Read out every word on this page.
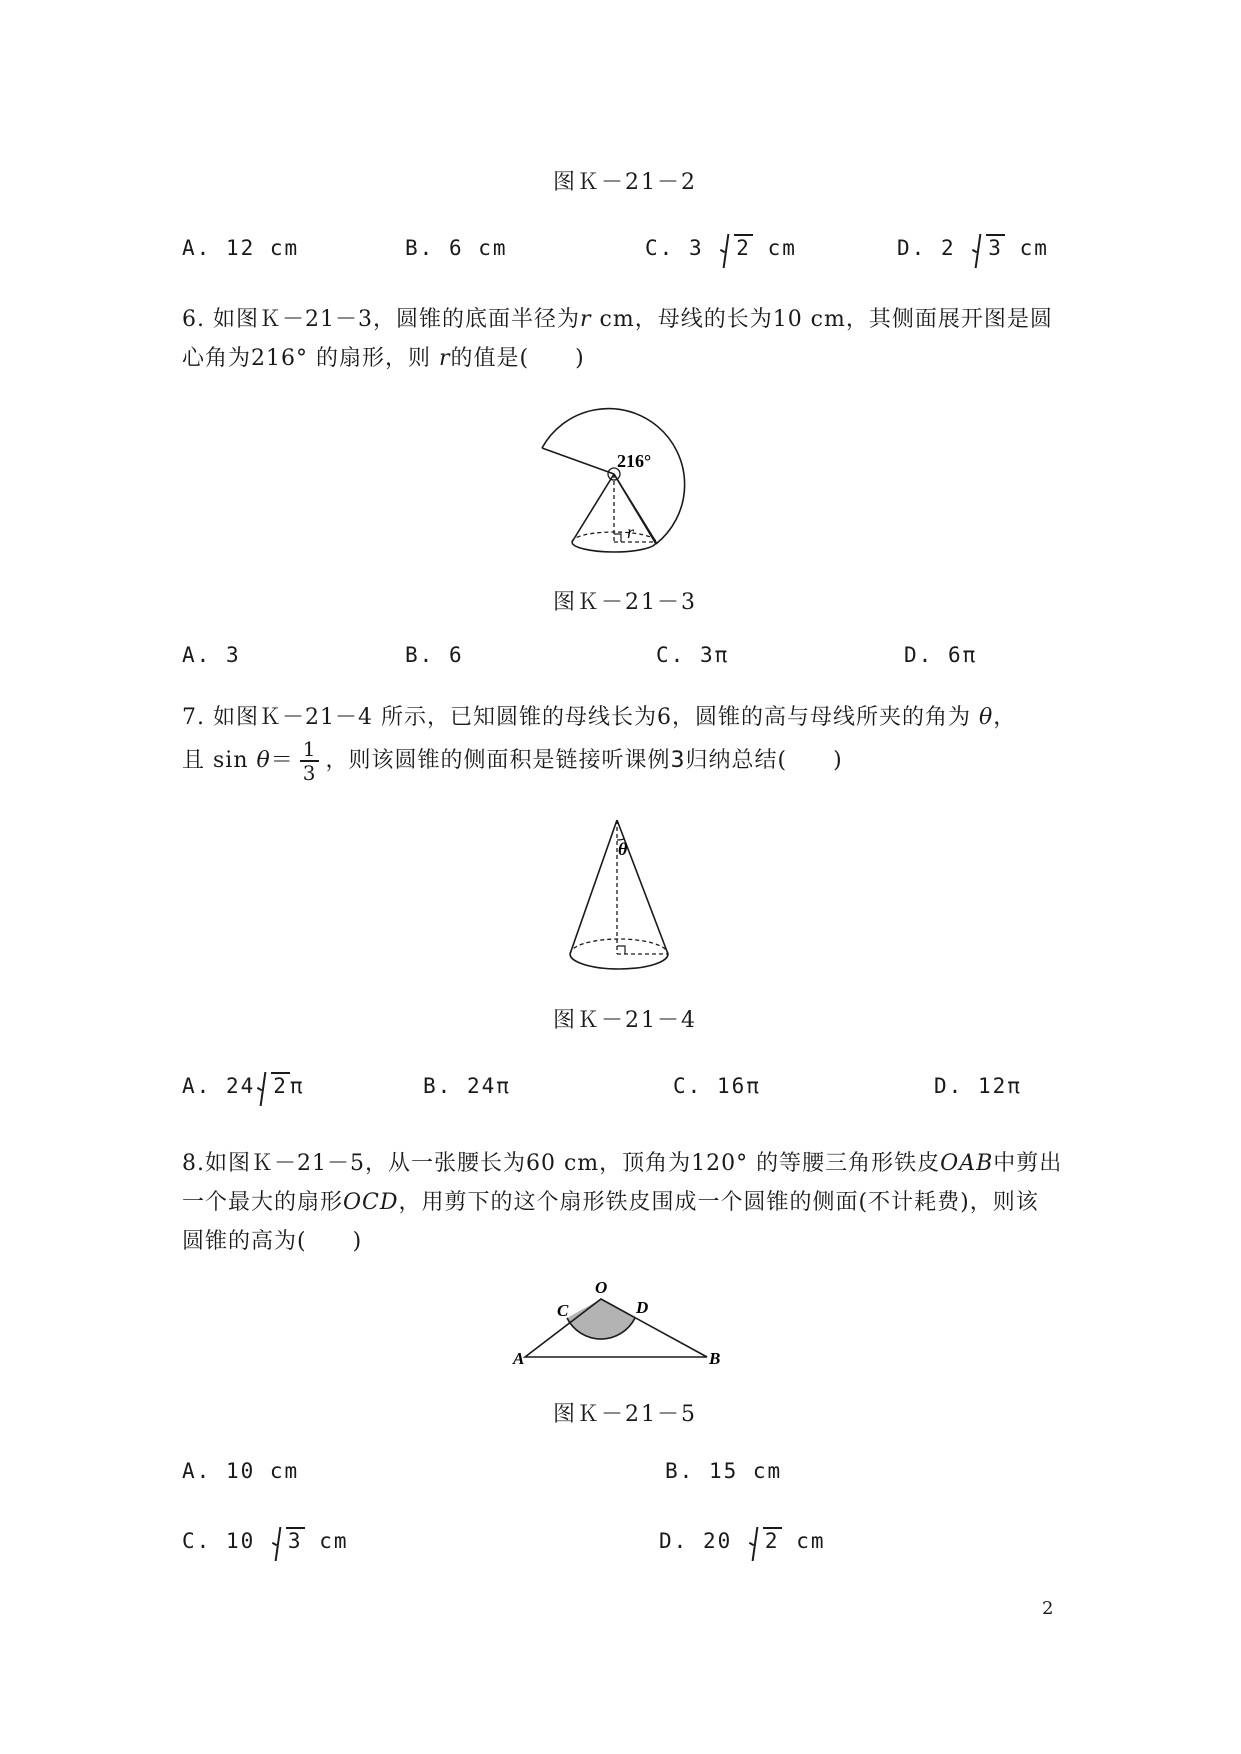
图Ｋ－21－2
A. 12 cm	B. 6 cm	C. 3 2 cm	D. 2 3 cm
6. 如图Ｋ－21－3，圆锥的底面半径为r cm，母线的长为10 cm，其侧面展开图是圆
心角为216° 的扇形，则 r的值是(　　)
216°
r
图Ｋ－21－3
A. 3	B. 6	C. 3π	D. 6π
7. 如图Ｋ－21－4 所示，已知圆锥的母线长为6，圆锥的高与母线所夹的角为 θ，
且 $\sin \theta= \frac{1}{3}$ ，则该圆锥的侧面积是链接听课例3归纳总结(　　)
θ
图Ｋ－21－4
A. 24 2π	B. 24π	C. 16π	D. 12π
8.如图Ｋ－21－5，从一张腰长为60 cm，顶角为120° 的等腰三角形铁皮OAB中剪出
一个最大的扇形OCD，用剪下的这个扇形铁皮围成一个圆锥的侧面(不计耗费)，则该
圆锥的高为(　　)
O
A	B
C	D
图Ｋ－21－5
A. 10 cm	B. 15 cm
C. 10 3 cm	D. 20 2 cm
2
